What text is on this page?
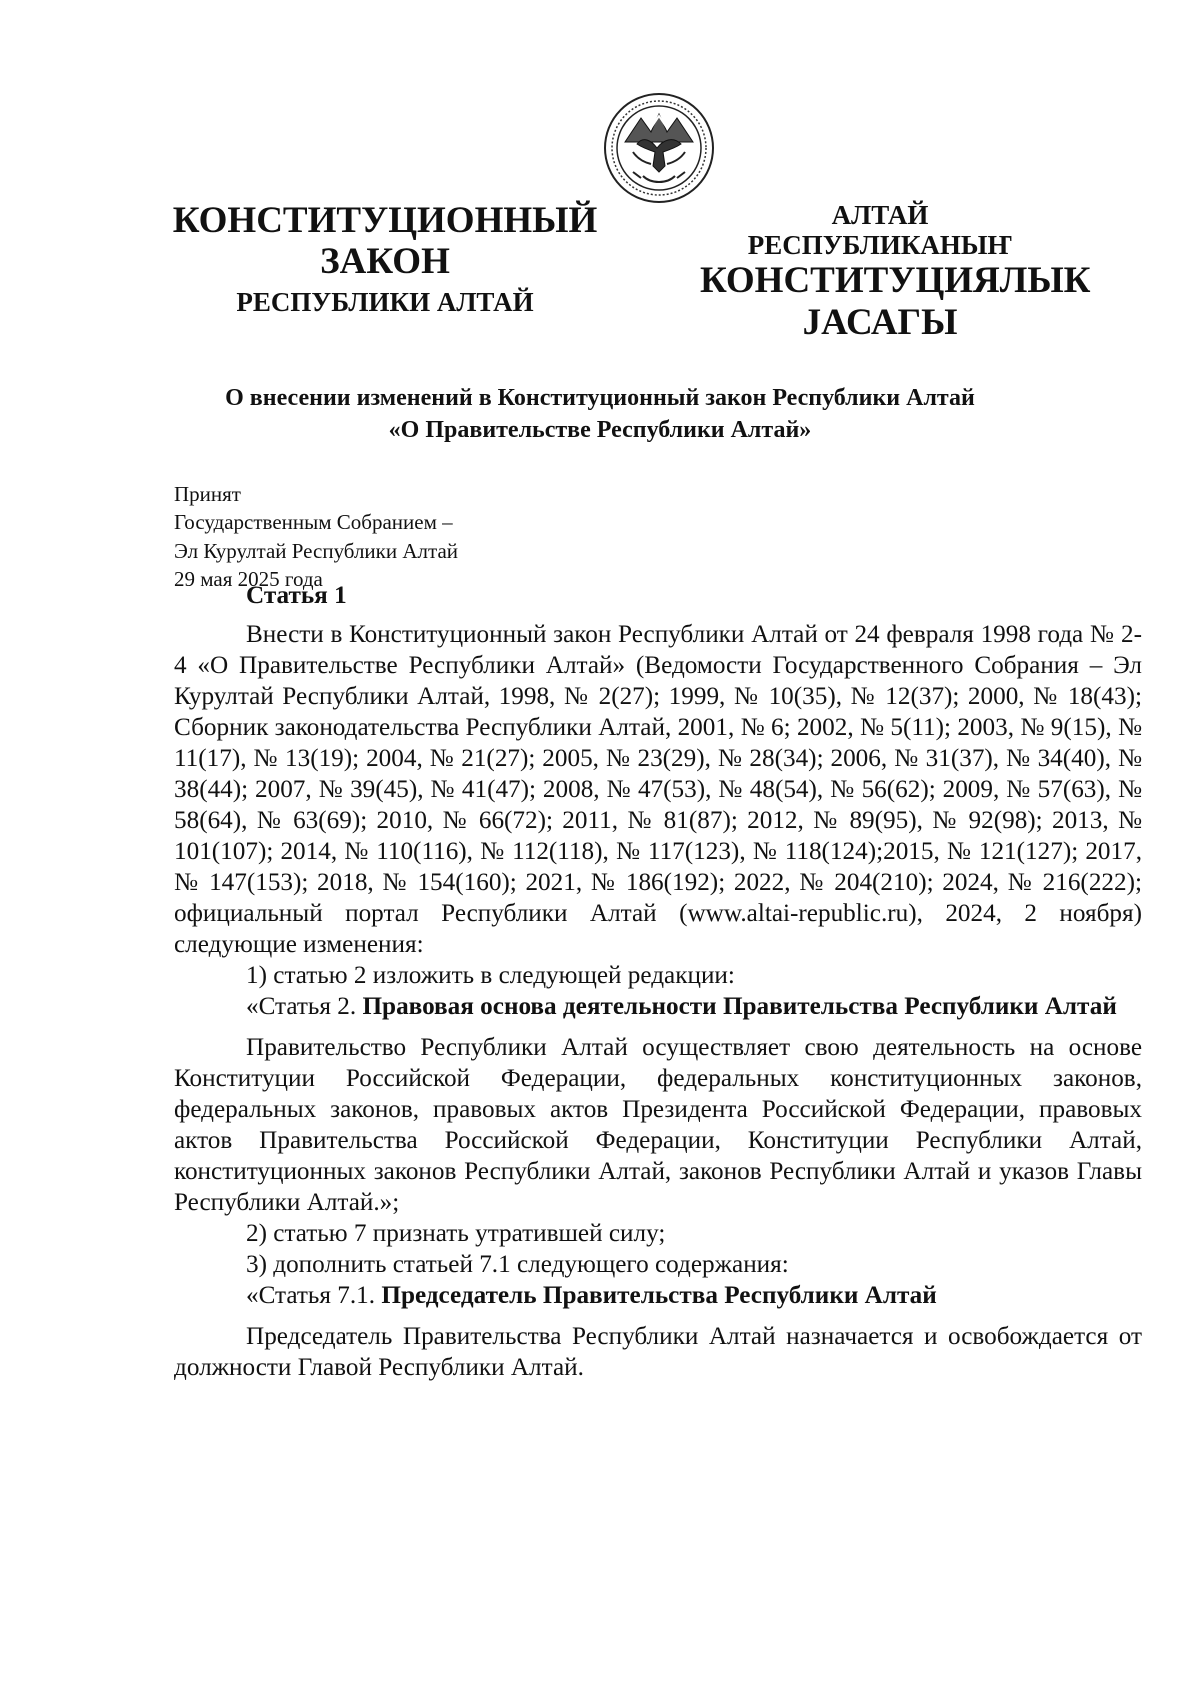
КОНСТИТУЦИОННЫЙ
ЗАКОН
РЕСПУБЛИКИ АЛТАЙ
АЛТАЙ РЕСПУБЛИКАНЫҤ
КОНСТИТУЦИЯЛЫК
JАСАГЫ
О внесении изменений в Конституционный закон Республики Алтай
«О Правительстве Республики Алтай»
Принят
Государственным Собранием –
Эл Курултай Республики Алтай
29 мая 2025 года

Статья 1

Внести в Конституционный закон Республики Алтай от 24 февраля 1998 года № 2-4 «О Правительстве Республики Алтай» (Ведомости Государственного Собрания – Эл Курултай Республики Алтай, 1998, № 2(27); 1999, № 10(35), № 12(37); 2000, № 18(43); Сборник законодательства Республики Алтай, 2001, № 6; 2002, № 5(11); 2003, № 9(15), № 11(17), № 13(19); 2004, № 21(27); 2005, № 23(29), № 28(34); 2006, № 31(37), № 34(40), № 38(44); 2007, № 39(45), № 41(47); 2008, № 47(53), № 48(54), № 56(62); 2009, № 57(63), № 58(64), № 63(69); 2010, № 66(72); 2011, № 81(87); 2012, № 89(95), № 92(98); 2013, № 101(107); 2014, № 110(116), № 112(118), № 117(123), № 118(124);2015, № 121(127); 2017, № 147(153); 2018, № 154(160); 2021, № 186(192); 2022, № 204(210); 2024, № 216(222); официальный портал Республики Алтай (www.altai-republic.ru), 2024, 2 ноября) следующие изменения:

1) статью 2 изложить в следующей редакции:

«Статья 2. Правовая основа деятельности Правительства Республики Алтай

Правительство Республики Алтай осуществляет свою деятельность на основе Конституции Российской Федерации, федеральных конституционных законов, федеральных законов, правовых актов Президента Российской Федерации, правовых актов Правительства Российской Федерации, Конституции Республики Алтай, конституционных законов Республики Алтай, законов Республики Алтай и указов Главы Республики Алтай.»;

2) статью 7 признать утратившей силу;

3) дополнить статьей 7.1 следующего содержания:

«Статья 7.1. Председатель Правительства Республики Алтай

Председатель Правительства Республики Алтай назначается и освобождается от должности Главой Республики Алтай.
